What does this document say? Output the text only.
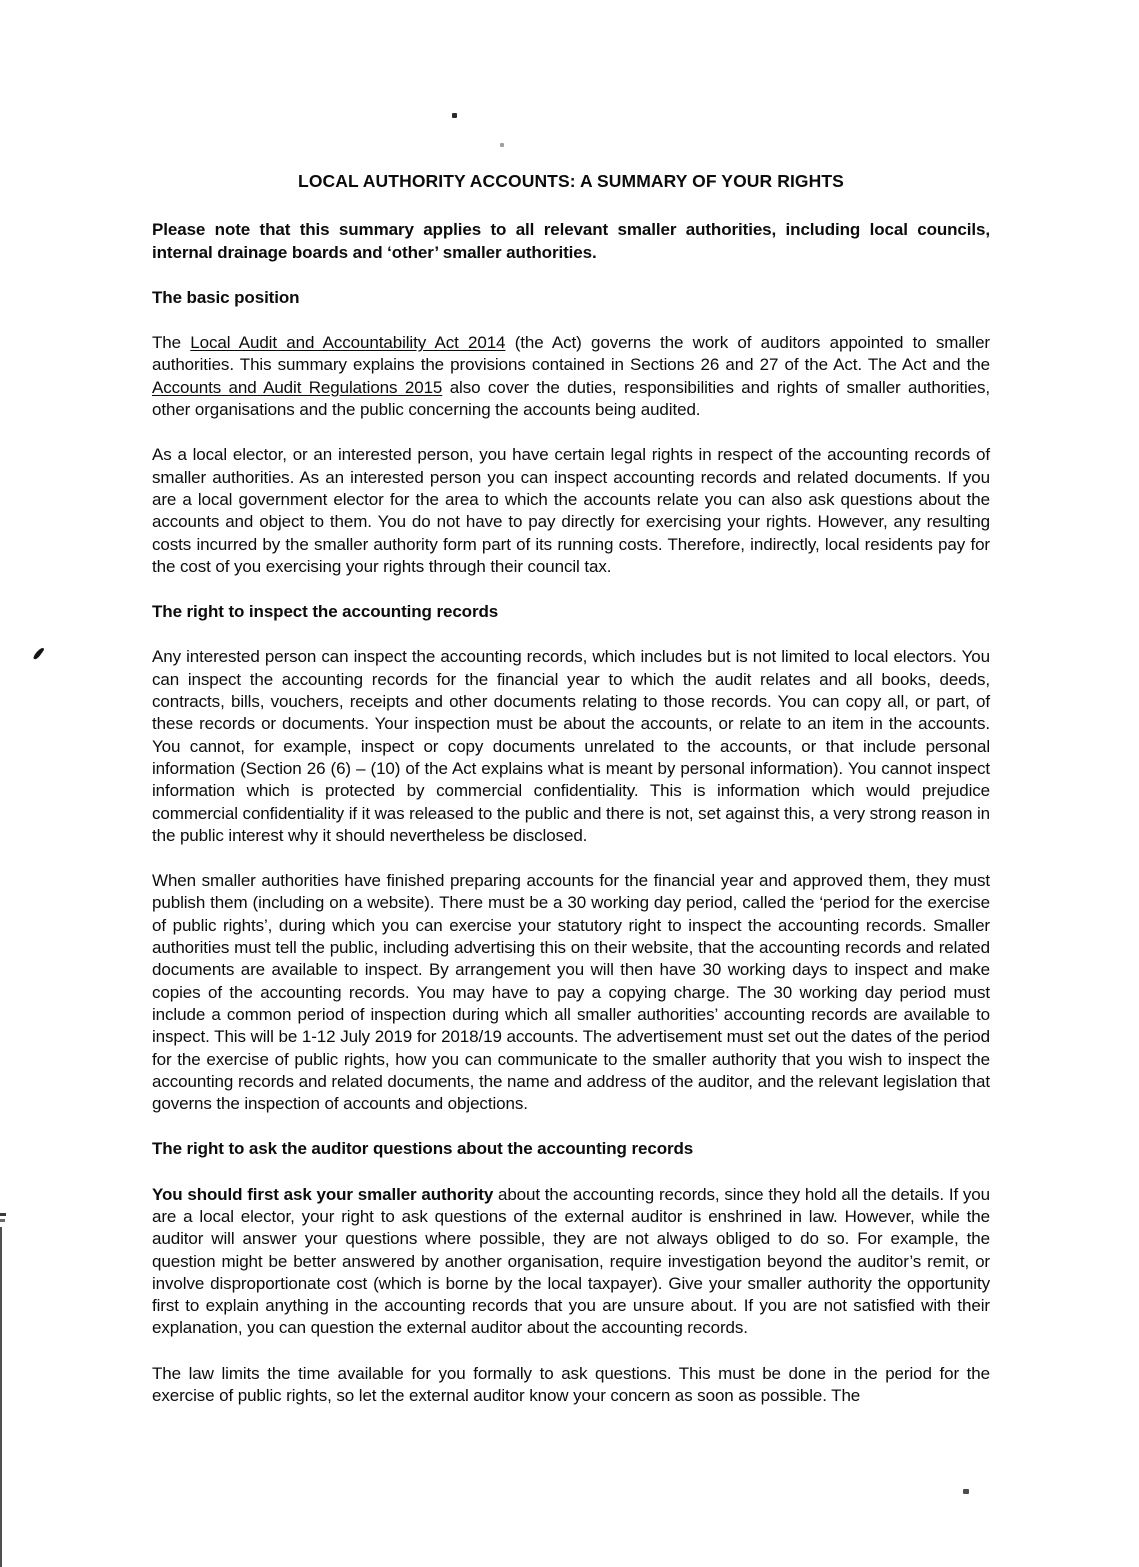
LOCAL AUTHORITY ACCOUNTS: A SUMMARY OF YOUR RIGHTS

Please note that this summary applies to all relevant smaller authorities, including local councils, internal drainage boards and ‘other’ smaller authorities.

The basic position

The Local Audit and Accountability Act 2014 (the Act) governs the work of auditors appointed to smaller authorities. This summary explains the provisions contained in Sections 26 and 27 of the Act. The Act and the Accounts and Audit Regulations 2015 also cover the duties, responsibilities and rights of smaller authorities, other organisations and the public concerning the accounts being audited.

As a local elector, or an interested person, you have certain legal rights in respect of the accounting records of smaller authorities. As an interested person you can inspect accounting records and related documents. If you are a local government elector for the area to which the accounts relate you can also ask questions about the accounts and object to them. You do not have to pay directly for exercising your rights. However, any resulting costs incurred by the smaller authority form part of its running costs. Therefore, indirectly, local residents pay for the cost of you exercising your rights through their council tax.

The right to inspect the accounting records

Any interested person can inspect the accounting records, which includes but is not limited to local electors. You can inspect the accounting records for the financial year to which the audit relates and all books, deeds, contracts, bills, vouchers, receipts and other documents relating to those records. You can copy all, or part, of these records or documents. Your inspection must be about the accounts, or relate to an item in the accounts. You cannot, for example, inspect or copy documents unrelated to the accounts, or that include personal information (Section 26 (6) – (10) of the Act explains what is meant by personal information). You cannot inspect information which is protected by commercial confidentiality. This is information which would prejudice commercial confidentiality if it was released to the public and there is not, set against this, a very strong reason in the public interest why it should nevertheless be disclosed.

When smaller authorities have finished preparing accounts for the financial year and approved them, they must publish them (including on a website). There must be a 30 working day period, called the ‘period for the exercise of public rights’, during which you can exercise your statutory right to inspect the accounting records. Smaller authorities must tell the public, including advertising this on their website, that the accounting records and related documents are available to inspect. By arrangement you will then have 30 working days to inspect and make copies of the accounting records. You may have to pay a copying charge. The 30 working day period must include a common period of inspection during which all smaller authorities’ accounting records are available to inspect. This will be 1-12 July 2019 for 2018/19 accounts. The advertisement must set out the dates of the period for the exercise of public rights, how you can communicate to the smaller authority that you wish to inspect the accounting records and related documents, the name and address of the auditor, and the relevant legislation that governs the inspection of accounts and objections.

The right to ask the auditor questions about the accounting records

You should first ask your smaller authority about the accounting records, since they hold all the details. If you are a local elector, your right to ask questions of the external auditor is enshrined in law. However, while the auditor will answer your questions where possible, they are not always obliged to do so. For example, the question might be better answered by another organisation, require investigation beyond the auditor’s remit, or involve disproportionate cost (which is borne by the local taxpayer). Give your smaller authority the opportunity first to explain anything in the accounting records that you are unsure about. If you are not satisfied with their explanation, you can question the external auditor about the accounting records.

The law limits the time available for you formally to ask questions. This must be done in the period for the exercise of public rights, so let the external auditor know your concern as soon as possible. The
